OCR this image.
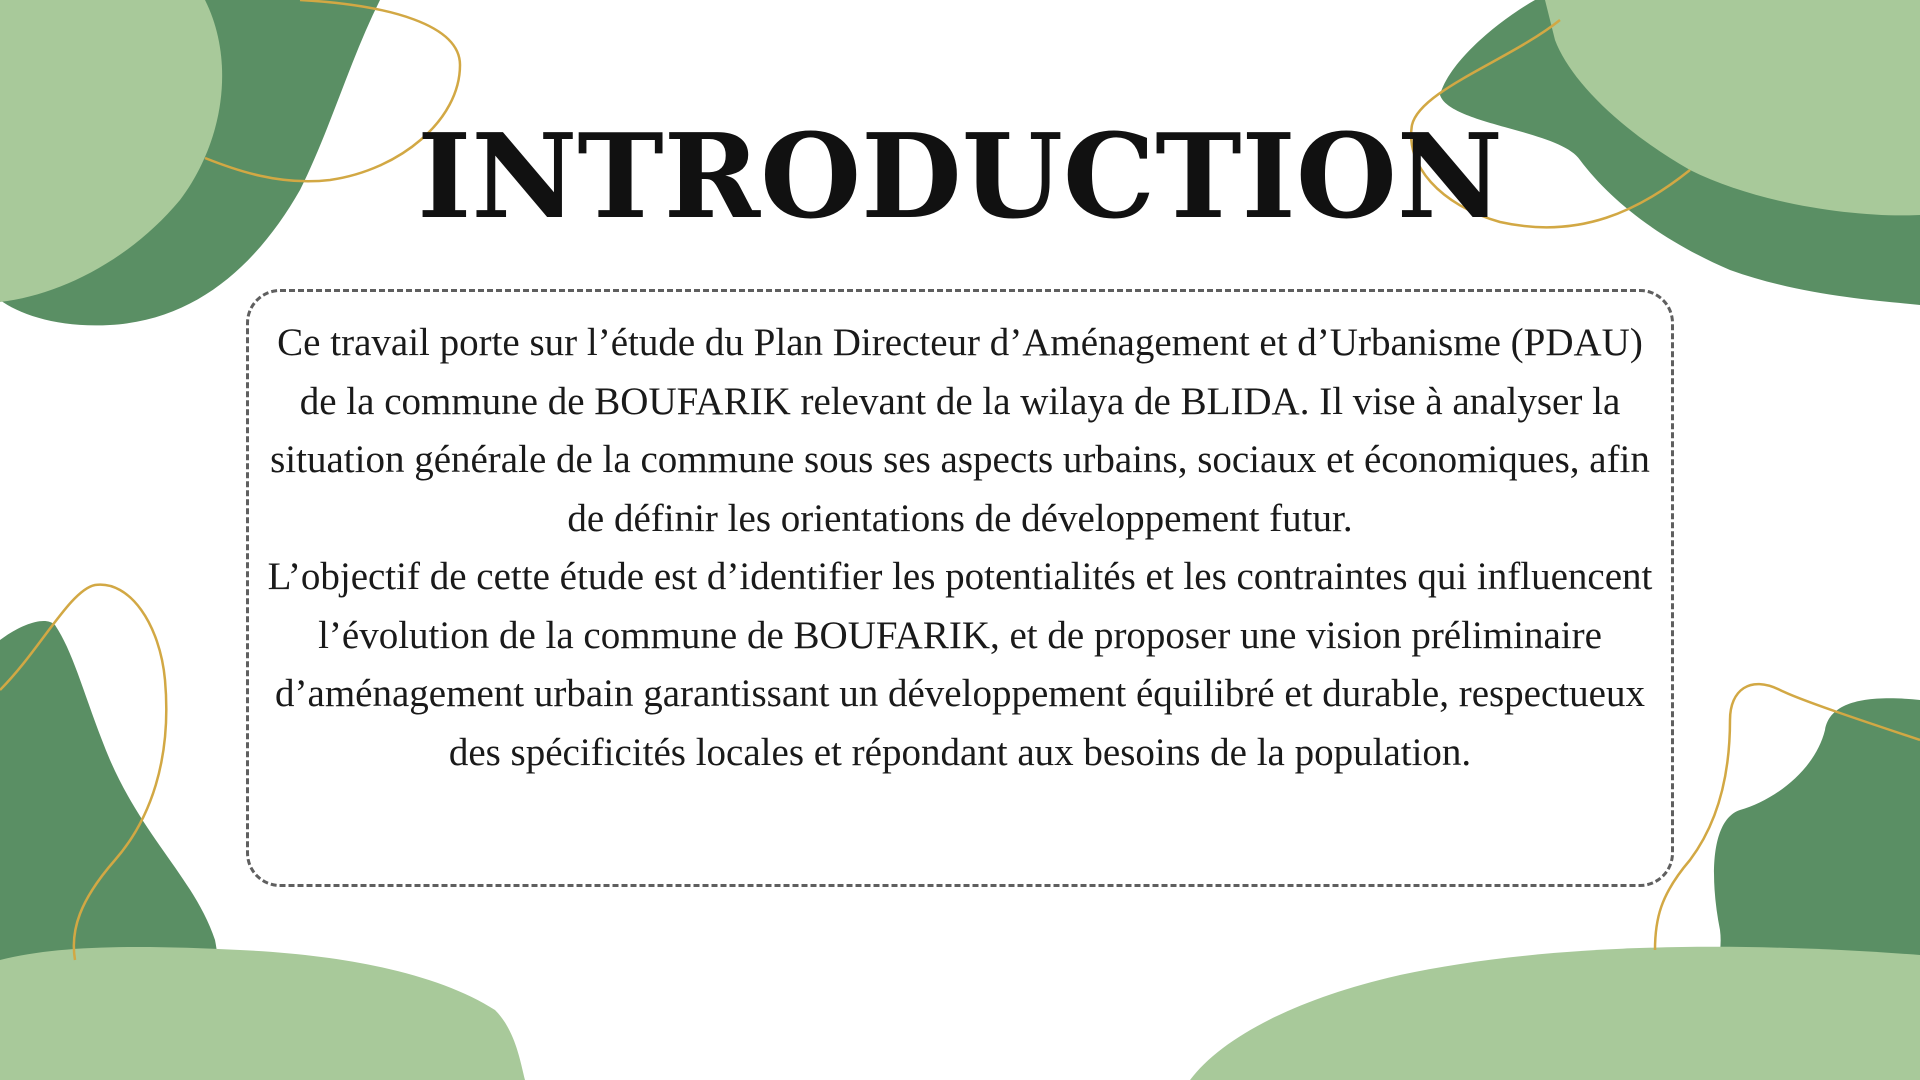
INTRODUCTION

Ce travail porte sur l’étude du Plan Directeur d’Aménagement et d’Urbanisme (PDAU) de la commune de BOUFARIK relevant de la wilaya de BLIDA. Il vise à analyser la situation générale de la commune sous ses aspects urbains, sociaux et économiques, afin de définir les orientations de développement futur.

L’objectif de cette étude est d’identifier les potentialités et les contraintes qui influencent l’évolution de la commune de BOUFARIK, et de proposer une vision préliminaire d’aménagement urbain garantissant un développement équilibré et durable, respectueux des spécificités locales et répondant aux besoins de la population.
